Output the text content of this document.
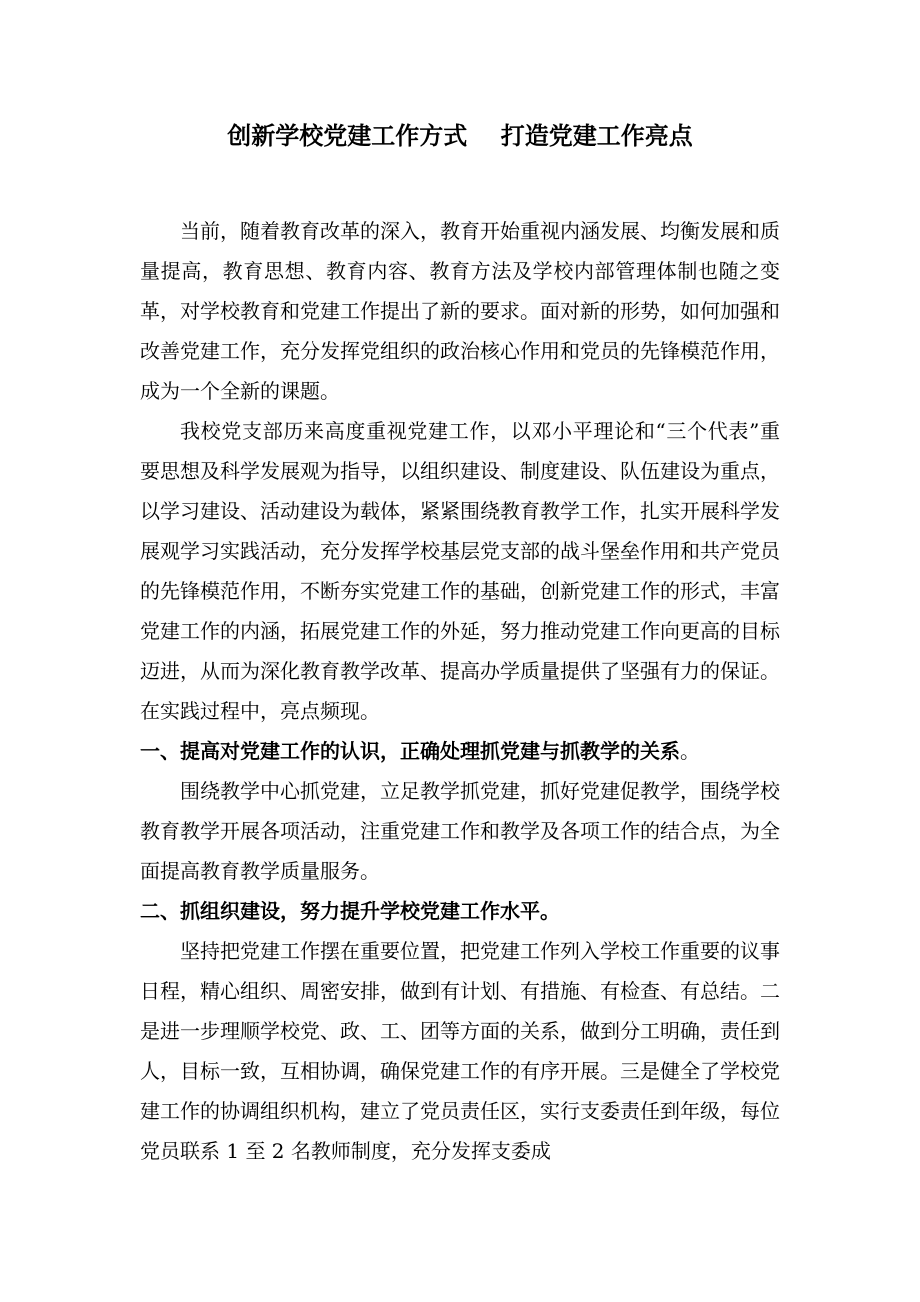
创新学校党建工作方式    打造党建工作亮点

当前，随着教育改革的深入，教育开始重视内涵发展、均衡发展和质量提高，教育思想、教育内容、教育方法及学校内部管理体制也随之变革，对学校教育和党建工作提出了新的要求。面对新的形势，如何加强和改善党建工作，充分发挥党组织的政治核心作用和党员的先锋模范作用，成为一个全新的课题。

我校党支部历来高度重视党建工作，以邓小平理论和“三个代表”重要思想及科学发展观为指导，以组织建设、制度建设、队伍建设为重点，以学习建设、活动建设为载体，紧紧围绕教育教学工作，扎实开展科学发展观学习实践活动，充分发挥学校基层党支部的战斗堡垒作用和共产党员的先锋模范作用，不断夯实党建工作的基础，创新党建工作的形式，丰富党建工作的内涵，拓展党建工作的外延，努力推动党建工作向更高的目标迈进，从而为深化教育教学改革、提高办学质量提供了坚强有力的保证。在实践过程中，亮点频现。

一、提高对党建工作的认识，正确处理抓党建与抓教学的关系。

围绕教学中心抓党建，立足教学抓党建，抓好党建促教学，围绕学校教育教学开展各项活动，注重党建工作和教学及各项工作的结合点，为全面提高教育教学质量服务。

二、抓组织建设，努力提升学校党建工作水平。

坚持把党建工作摆在重要位置，把党建工作列入学校工作重要的议事日程，精心组织、周密安排，做到有计划、有措施、有检查、有总结。二是进一步理顺学校党、政、工、团等方面的关系，做到分工明确，责任到人，目标一致，互相协调，确保党建工作的有序开展。三是健全了学校党建工作的协调组织机构，建立了党员责任区，实行支委责任到年级，每位党员联系 1 至 2 名教师制度，充分发挥支委成
